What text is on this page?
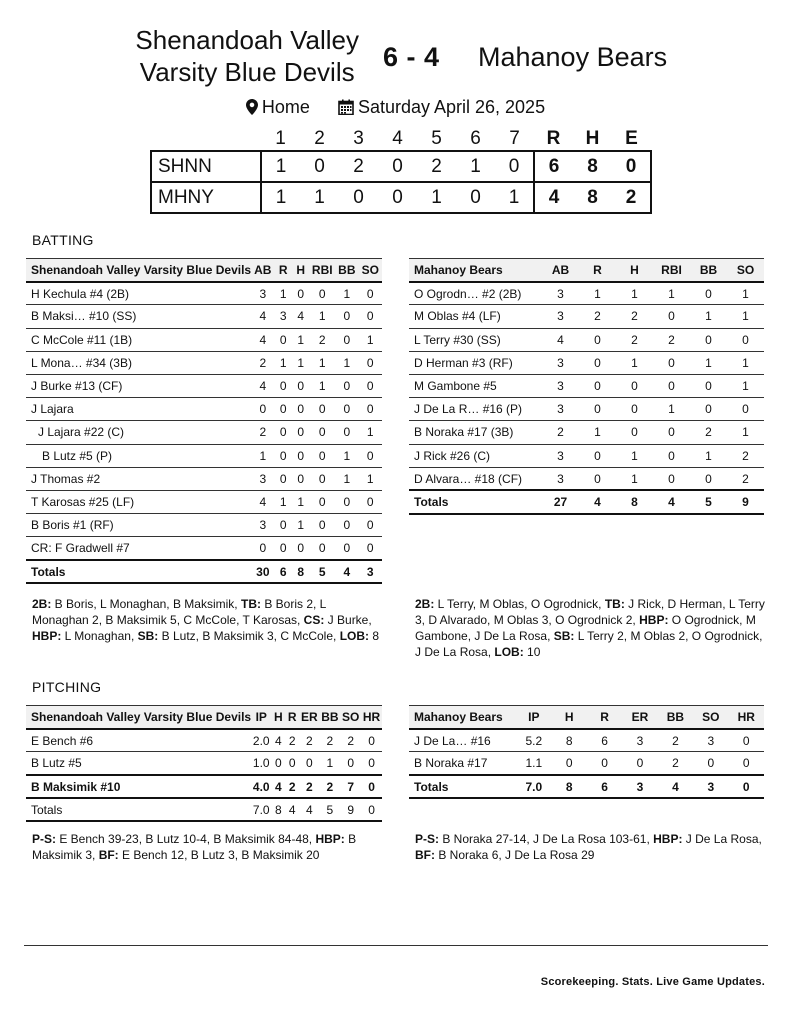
Shenandoah Valley
Varsity Blue Devils 6 - 4 Mahanoy Bears
Home	Saturday April 26, 2025
	1	2	3	4	5	6	7	R	H	E
SHNN	1	0	2	0	2	1	0	6	8	0
MHNY	1	1	0	0	1	0	1	4	8	2
BATTING
Shenandoah Valley Varsity Blue Devils	AB	R	H	RBI	BB	SO
H Kechula #4 (2B)	3	1	0	0	1	0
B Maksi… #10 (SS)	4	3	4	1	0	0
C McCole #11 (1B)	4	0	1	2	0	1
L Mona… #34 (3B)	2	1	1	1	1	0
J Burke #13 (CF)	4	0	0	1	0	0
J Lajara	0	0	0	0	0	0
J Lajara #22 (C)	2	0	0	0	0	1
B Lutz #5 (P)	1	0	0	0	1	0
J Thomas #2	3	0	0	0	1	1
T Karosas #25 (LF)	4	1	1	0	0	0
B Boris #1 (RF)	3	0	1	0	0	0
CR: F Gradwell #7	0	0	0	0	0	0
Totals	30	6	8	5	4	3
Mahanoy Bears	AB	R	H	RBI	BB	SO
O Ogrodn… #2 (2B)	3	1	1	1	0	1
M Oblas #4 (LF)	3	2	2	0	1	1
L Terry #30 (SS)	4	0	2	2	0	0
D Herman #3 (RF)	3	0	1	0	1	1
M Gambone #5	3	0	0	0	0	1
J De La R… #16 (P)	3	0	0	1	0	0
B Noraka #17 (3B)	2	1	0	0	2	1
J Rick #26 (C)	3	0	1	0	1	2
D Alvara… #18 (CF)	3	0	1	0	0	2
Totals	27	4	8	4	5	9
2B: B Boris, L Monaghan, B Maksimik, TB: B Boris 2, L Monaghan 2, B Maksimik 5, C McCole, T Karosas, CS: J Burke, HBP: L Monaghan, SB: B Lutz, B Maksimik 3, C McCole, LOB: 8
2B: L Terry, M Oblas, O Ogrodnick, TB: J Rick, D Herman, L Terry 3, D Alvarado, M Oblas 3, O Ogrodnick 2, HBP: O Ogrodnick, M Gambone, J De La Rosa, SB: L Terry 2, M Oblas 2, O Ogrodnick, J De La Rosa, LOB: 10
PITCHING
Shenandoah Valley Varsity Blue Devils	IP	H	R	ER	BB	SO	HR
E Bench #6	2.0	4	2	2	2	2	0
B Lutz #5	1.0	0	0	0	1	0	0
B Maksimik #10	4.0	4	2	2	2	7	0
Totals	7.0	8	4	4	5	9	0
Mahanoy Bears	IP	H	R	ER	BB	SO	HR
J De La… #16	5.2	8	6	3	2	3	0
B Noraka #17	1.1	0	0	0	2	0	0
Totals	7.0	8	6	3	4	3	0
P-S: E Bench 39-23, B Lutz 10-4, B Maksimik 84-48, HBP: B Maksimik 3, BF: E Bench 12, B Lutz 3, B Maksimik 20
P-S: B Noraka 27-14, J De La Rosa 103-61, HBP: J De La Rosa, BF: B Noraka 6, J De La Rosa 29
Scorekeeping. Stats. Live Game Updates.
